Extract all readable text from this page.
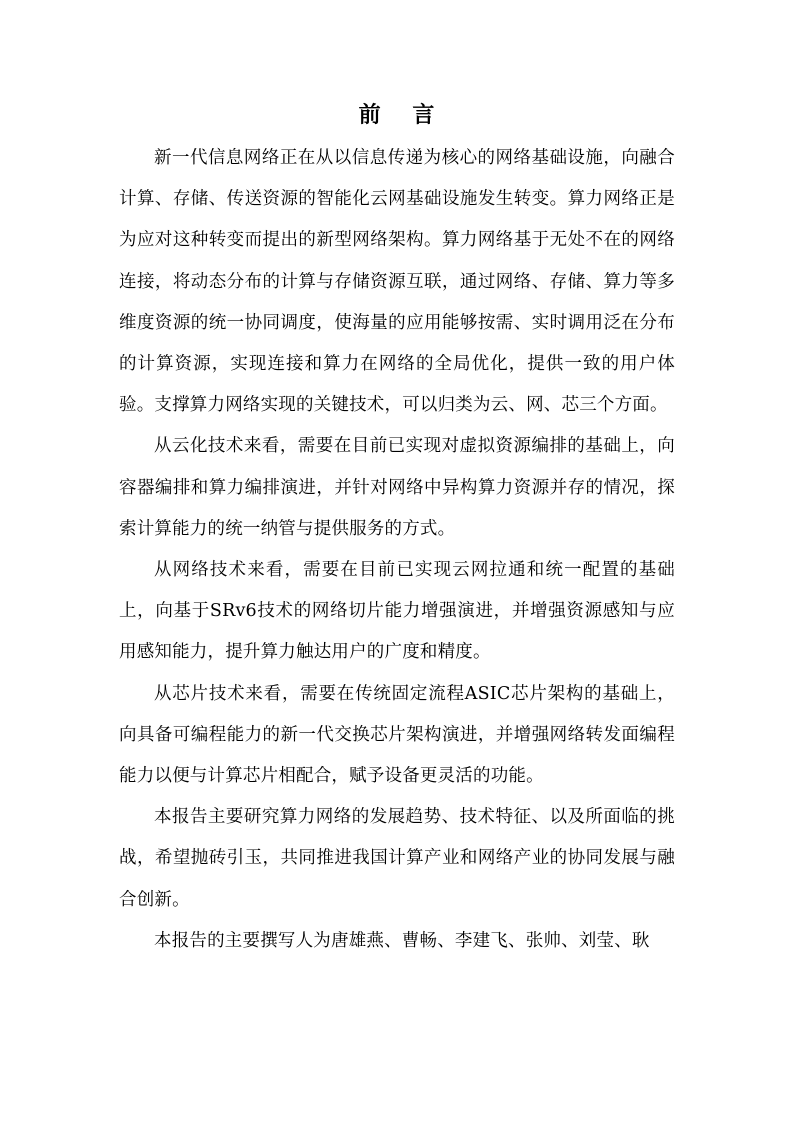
前 言

新一代信息网络正在从以信息传递为核心的网络基础设施，向融合计算、存储、传送资源的智能化云网基础设施发生转变。算力网络正是为应对这种转变而提出的新型网络架构。算力网络基于无处不在的网络连接，将动态分布的计算与存储资源互联，通过网络、存储、算力等多维度资源的统一协同调度，使海量的应用能够按需、实时调用泛在分布的计算资源，实现连接和算力在网络的全局优化，提供一致的用户体验。支撑算力网络实现的关键技术，可以归类为云、网、芯三个方面。

从云化技术来看，需要在目前已实现对虚拟资源编排的基础上，向容器编排和算力编排演进，并针对网络中异构算力资源并存的情况，探索计算能力的统一纳管与提供服务的方式。

从网络技术来看，需要在目前已实现云网拉通和统一配置的基础上，向基于SRv6技术的网络切片能力增强演进，并增强资源感知与应用感知能力，提升算力触达用户的广度和精度。

从芯片技术来看，需要在传统固定流程ASIC芯片架构的基础上，向具备可编程能力的新一代交换芯片架构演进，并增强网络转发面编程能力以便与计算芯片相配合，赋予设备更灵活的功能。

本报告主要研究算力网络的发展趋势、技术特征、以及所面临的挑战，希望抛砖引玉，共同推进我国计算产业和网络产业的协同发展与融合创新。

本报告的主要撰写人为唐雄燕、曹畅、李建飞、张帅、刘莹、耿
